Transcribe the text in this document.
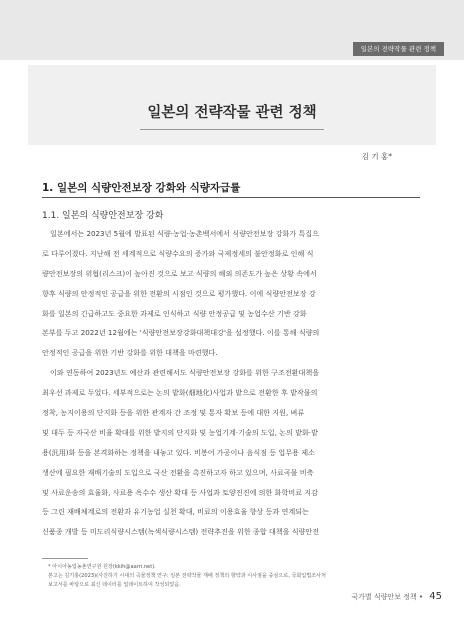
일본의 전략작물 관련 정책
일본의 전략작물 관련 정책
김 기 홍*
1. 일본의 식량안전보장 강화와 식량자급률
1.1. 일본의 식량안전보장 강화
일본에서는 2023년 5월에 발표된 식량·농업·농촌백서에서 식량안전보장 강화가 특집으
로 다루어졌다. 지난해 전 세계적으로 식량수요의 증가와 국제정세의 불안정화로 인해 식
량안전보장의 위협(리스크)이 높아진 것으로 보고 식량의 해외 의존도가 높은 상황 속에서
향후 식량의 안정적인 공급을 위한 전환의 시점인 것으로 평가했다. 이에 식량안전보장 강
화를 일본의 긴급하고도 중요한 과제로 인식하고 식량 안정공급 및 농업수산 기반 강화
본부를 두고 2022년 12월에는 '식량안전보장강화대책대강'을 설정했다. 이를 통해 식량의
안정적인 공급을 위한 기반 강화를 위한 대책을 마련했다.
이와 연동하여 2023년도 예산과 관련해서도 식량안전보장 강화를 위한 구조전환대책을
최우선 과제로 두었다. 세부적으로는 논의 밭화(畑地化)사업과 밭으로 전환한 후 밭작물의
정착, 농지이용의 단지화 등을 위한 관계자 간 조정 및 통자 확보 등에 대한 지원, 벼류
및 대두 등 자국산 비율 확대를 위한 밭지의 단지화 및 농업기계·기술의 도입, 논의 밭화·밭
용(汎用)화 등을 본격화하는 정책을 내놓고 있다. 비봉어 가공이나 음식점 등 업무용 제소
생산에 필요한 재배기술의 도입으로 국산 전환을 촉진하고자 하고 있으며, 사료곡물 비축
및 사료운송의 효율화, 사료용 옥수수 생산 확대 등 사업과 토양진진에 의한 화학비료 지감
등 그린 재배체계로의 전환과 유기농업 실천 확대, 비료의 이용효율 향상 등과 연계되는
신품종 개발 등 미도리식량시스템(녹색식량시스템) 전략추진을 위한 종합 대책을 식량안전
* 아시아농업농촌연구원 원장(kkih@aarri.net).
본고는 김기홍(2023)(사진하기 시대의 곡물정책 연구: 일본 전략작물 재배 정책의 향약과 시사점을 중심으로, 국회입법조사처
보고서를 바탕으로 최신 데이터를 업데이트하여 작성되었음.
국가별 식량안보 정책 • 45
